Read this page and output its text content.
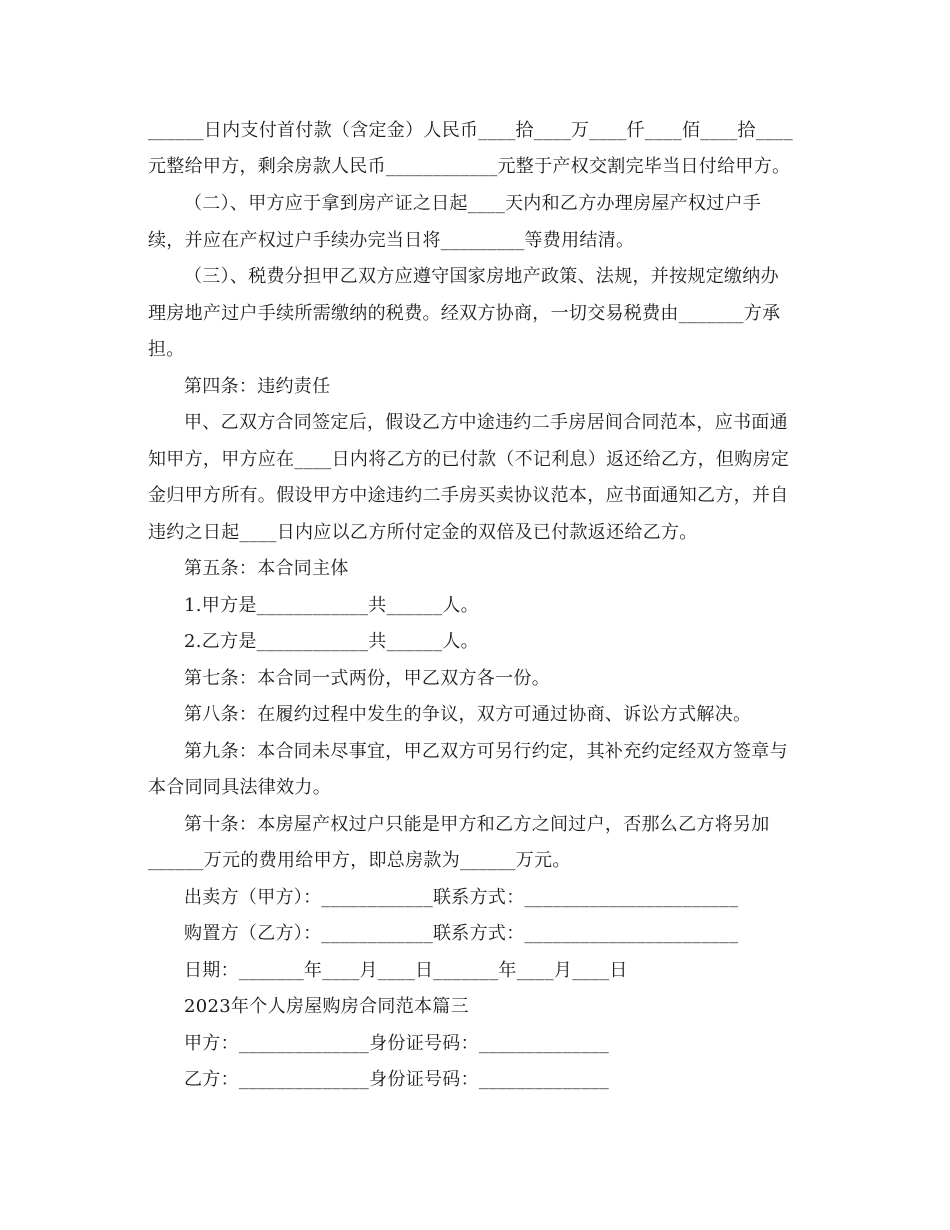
______日内支付首付款（含定金）人民币____拾____万____仟____佰____拾____
元整给甲方，剩余房款人民币____________元整于产权交割完毕当日付给甲方。
（二）、甲方应于拿到房产证之日起____天内和乙方办理房屋产权过户手
续，并应在产权过户手续办完当日将_________等费用结清。
（三）、税费分担甲乙双方应遵守国家房地产政策、法规，并按规定缴纳办
理房地产过户手续所需缴纳的税费。经双方协商，一切交易税费由_______方承
担。
第四条：违约责任
甲、乙双方合同签定后，假设乙方中途违约二手房居间合同范本，应书面通
知甲方，甲方应在____日内将乙方的已付款（不记利息）返还给乙方，但购房定
金归甲方所有。假设甲方中途违约二手房买卖协议范本，应书面通知乙方，并自
违约之日起____日内应以乙方所付定金的双倍及已付款返还给乙方。
第五条：本合同主体
1.甲方是____________共______人。
2.乙方是____________共______人。
第七条：本合同一式两份，甲乙双方各一份。
第八条：在履约过程中发生的争议，双方可通过协商、诉讼方式解决。
第九条：本合同未尽事宜，甲乙双方可另行约定，其补充约定经双方签章与
本合同同具法律效力。
第十条：本房屋产权过户只能是甲方和乙方之间过户，否那么乙方将另加
______万元的费用给甲方，即总房款为______万元。
出卖方（甲方）：____________联系方式：_______________________
购置方（乙方）：____________联系方式：_______________________
日期：_______年____月____日_______年____月____日
2023年个人房屋购房合同范本篇三
甲方：______________身份证号码：______________
乙方：______________身份证号码：______________
